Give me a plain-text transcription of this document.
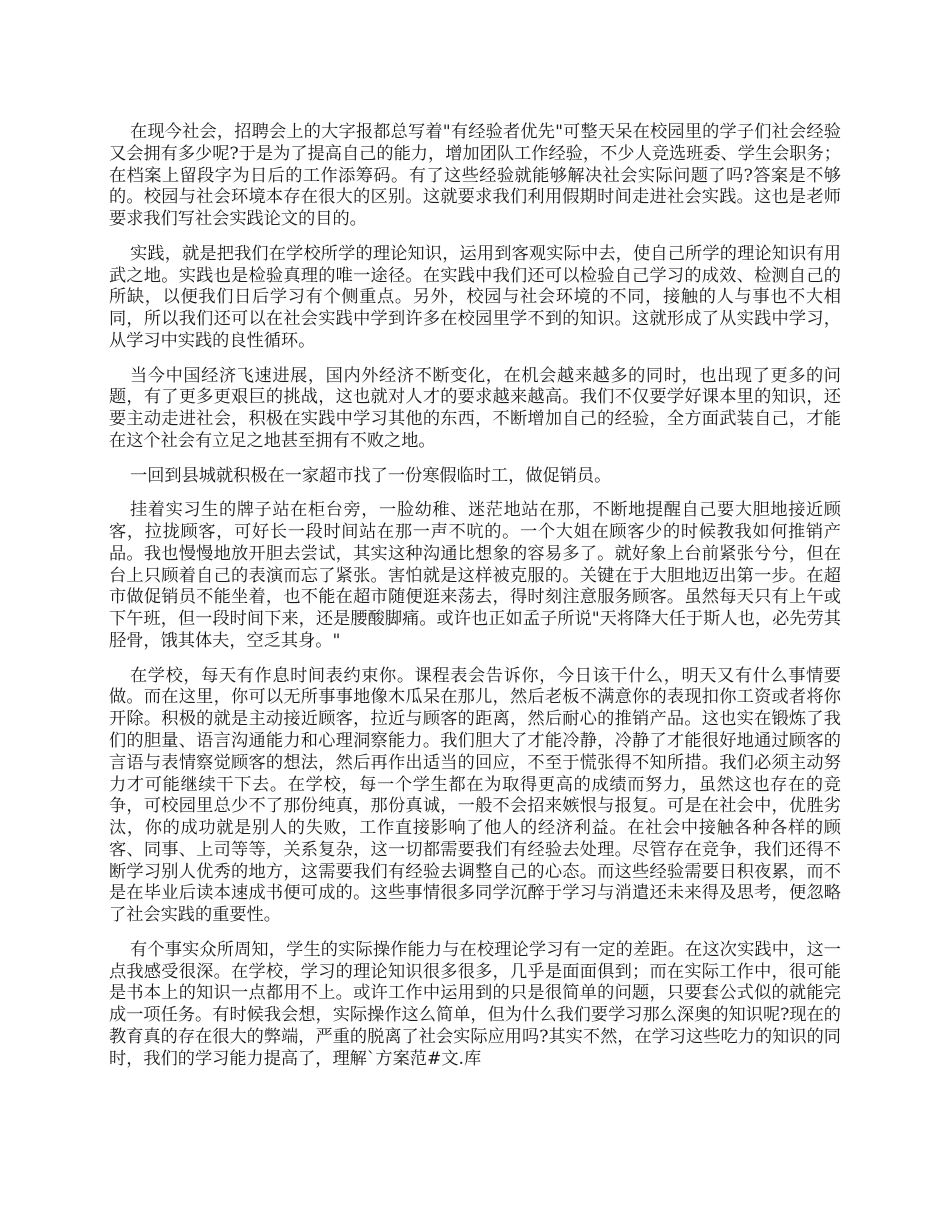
在现今社会，招聘会上的大字报都总写着"有经验者优先"可整天呆在校园里的学子们社会经验又会拥有多少呢?于是为了提高自己的能力，增加团队工作经验，不少人竞选班委、学生会职务；在档案上留段字为日后的工作添筹码。有了这些经验就能够解决社会实际问题了吗?答案是不够的。校园与社会环境本存在很大的区别。这就要求我们利用假期时间走进社会实践。这也是老师要求我们写社会实践论文的目的。

实践，就是把我们在学校所学的理论知识，运用到客观实际中去，使自己所学的理论知识有用武之地。实践也是检验真理的唯一途径。在实践中我们还可以检验自己学习的成效、检测自己的所缺，以便我们日后学习有个侧重点。另外，校园与社会环境的不同，接触的人与事也不大相同，所以我们还可以在社会实践中学到许多在校园里学不到的知识。这就形成了从实践中学习，从学习中实践的良性循环。

当今中国经济飞速进展，国内外经济不断变化，在机会越来越多的同时，也出现了更多的问题，有了更多更艰巨的挑战，这也就对人才的要求越来越高。我们不仅要学好课本里的知识，还要主动走进社会，积极在实践中学习其他的东西，不断增加自己的经验，全方面武装自己，才能在这个社会有立足之地甚至拥有不败之地。

一回到县城就积极在一家超市找了一份寒假临时工，做促销员。

挂着实习生的牌子站在柜台旁，一脸幼稚、迷茫地站在那，不断地提醒自己要大胆地接近顾客，拉拢顾客，可好长一段时间站在那一声不吭的。一个大姐在顾客少的时候教我如何推销产品。我也慢慢地放开胆去尝试，其实这种沟通比想象的容易多了。就好象上台前紧张兮兮，但在台上只顾着自己的表演而忘了紧张。害怕就是这样被克服的。关键在于大胆地迈出第一步。在超市做促销员不能坐着，也不能在超市随便逛来荡去，得时刻注意服务顾客。虽然每天只有上午或下午班，但一段时间下来，还是腰酸脚痛。或许也正如孟子所说"天将降大任于斯人也，必先劳其胫骨，饿其体夫，空乏其身。"

在学校，每天有作息时间表约束你。课程表会告诉你，今日该干什么，明天又有什么事情要做。而在这里，你可以无所事事地像木瓜呆在那儿，然后老板不满意你的表现扣你工资或者将你开除。积极的就是主动接近顾客，拉近与顾客的距离，然后耐心的推销产品。这也实在锻炼了我们的胆量、语言沟通能力和心理洞察能力。我们胆大了才能冷静，冷静了才能很好地通过顾客的言语与表情察觉顾客的想法，然后再作出适当的回应，不至于慌张得不知所措。我们必须主动努力才可能继续干下去。在学校，每一个学生都在为取得更高的成绩而努力，虽然这也存在的竞争，可校园里总少不了那份纯真，那份真诚，一般不会招来嫉恨与报复。可是在社会中，优胜劣汰，你的成功就是别人的失败，工作直接影响了他人的经济利益。在社会中接触各种各样的顾客、同事、上司等等，关系复杂，这一切都需要我们有经验去处理。尽管存在竞争，我们还得不断学习别人优秀的地方，这需要我们有经验去调整自己的心态。而这些经验需要日积夜累，而不是在毕业后读本速成书便可成的。这些事情很多同学沉醉于学习与消遣还未来得及思考，便忽略了社会实践的重要性。

有个事实众所周知，学生的实际操作能力与在校理论学习有一定的差距。在这次实践中，这一点我感受很深。在学校，学习的理论知识很多很多，几乎是面面俱到；而在实际工作中，很可能是书本上的知识一点都用不上。或许工作中运用到的只是很简单的问题，只要套公式似的就能完成一项任务。有时候我会想，实际操作这么简单，但为什么我们要学习那么深奥的知识呢?现在的教育真的存在很大的弊端，严重的脱离了社会实际应用吗?其实不然，在学习这些吃力的知识的同时，我们的学习能力提高了，理解`方案范#文.库
